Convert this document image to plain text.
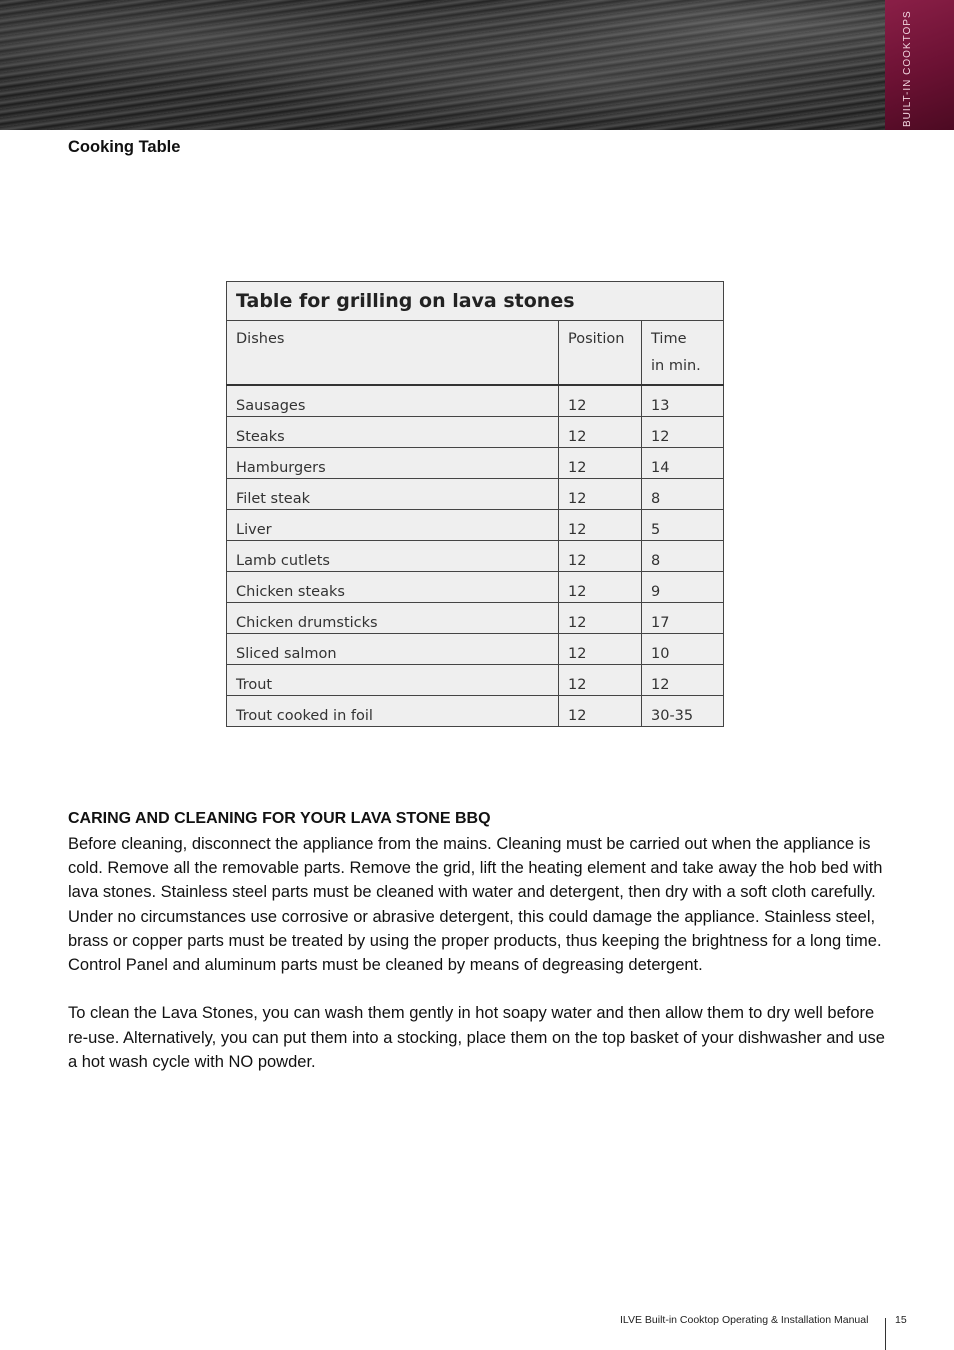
BUILT-IN COOKTOPS
Cooking Table
Table for grilling on lava stones		
Dishes	Position	Time
in min.
Sausages	12	13
Steaks	12	12
Hamburgers	12	14
Filet steak	12	8
Liver	12	5
Lamb cutlets	12	8
Chicken steaks	12	9
Chicken drumsticks	12	17
Sliced salmon	12	10
Trout	12	12
Trout cooked in foil	12	30-35
CARING AND CLEANING FOR YOUR LAVA STONE BBQ

Before cleaning, disconnect the appliance from the mains. Cleaning must be carried out when the appliance is cold. Remove all the removable parts. Remove the grid, lift the heating element and take away the hob bed with lava stones. Stainless steel parts must be cleaned with water and detergent, then dry with a soft cloth carefully. Under no circumstances use corrosive or abrasive detergent, this could damage the appliance. Stainless steel, brass or copper parts must be treated by using the proper products, thus keeping the brightness for a long time.

Control Panel and aluminum parts must be cleaned by means of degreasing detergent.

To clean the Lava Stones, you can wash them gently in hot soapy water and then allow them to dry well before re-use. Alternatively, you can put them into a stocking, place them on the top basket of your dishwasher and use a hot wash cycle with NO powder.

ILVE Built-in Cooktop Operating & Installation Manual	15
